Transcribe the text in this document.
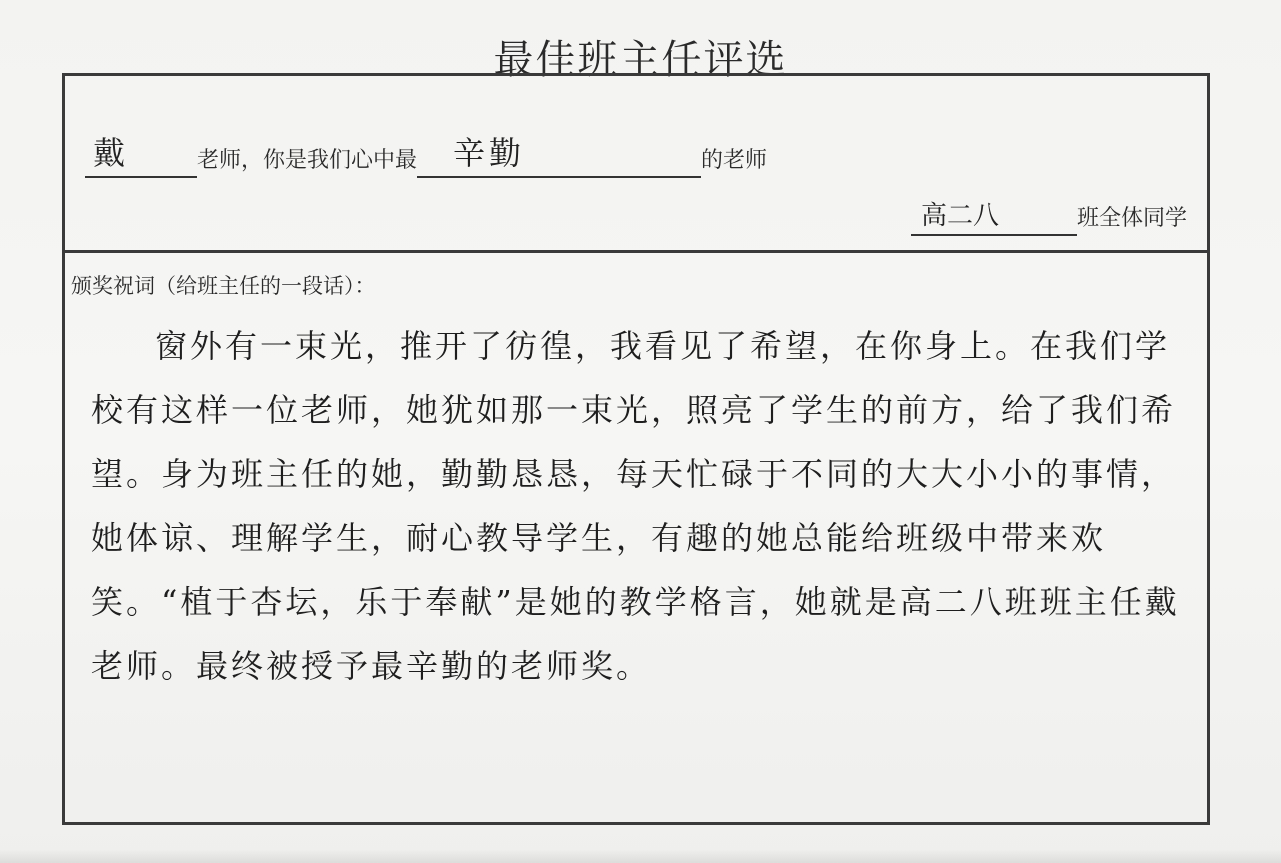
最佳班主任评选
戴	老师，你是我们心中最 辛勤	的老师
高二八	班全体同学
颁奖祝词（给班主任的一段话）：
窗外有一束光，推开了彷徨，我看见了希望，在你身上。在我们学校有这样一位老师，她犹如那一束光，照亮了学生的前方，给了我们希望。身为班主任的她，勤勤恳恳，每天忙碌于不同的大大小小的事情，她体谅、理解学生，耐心教导学生，有趣的她总能给班级中带来欢笑。“植于杏坛，乐于奉献”是她的教学格言，她就是高二八班班主任戴老师。最终被授予最辛勤的老师奖。
